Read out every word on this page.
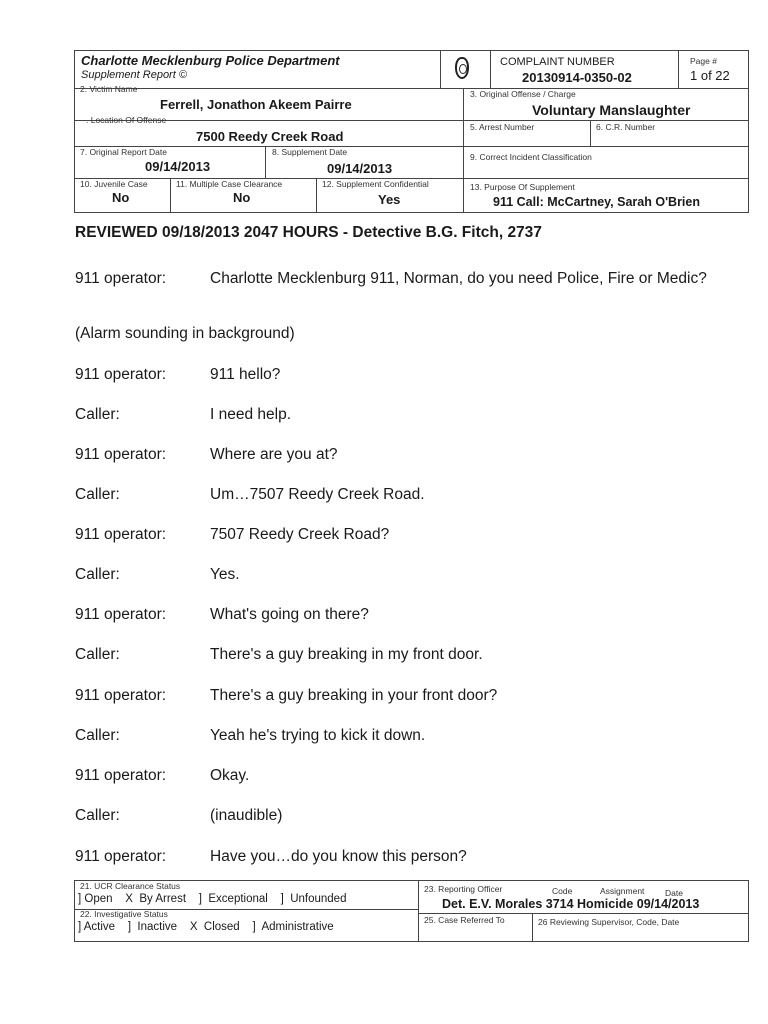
Charlotte Mecklenburg Police Department
Supplement Report ©
COMPLAINT NUMBER
20130914-0350-02
Page #
1 of 22
2. Victim Name
Ferrell, Jonathon Akeem Pairre
3. Original Offense / Charge
Voluntary Manslaughter
. Location Of Offense
7500 Reedy Creek Road
5. Arrest Number	6. C.R. Number
7. Original Report Date
09/14/2013
8. Supplement Date
09/14/2013
9. Correct Incident Classification
10. Juvenile Case
No
11. Multiple Case Clearance
No
12. Supplement Confidential
Yes
13. Purpose Of Supplement
911 Call: McCartney, Sarah O'Brien
REVIEWED 09/18/2013 2047 HOURS - Detective B.G. Fitch, 2737
911 operator:	Charlotte Mecklenburg 911, Norman, do you need Police, Fire or Medic?
(Alarm sounding in background)
911 operator:	911 hello?
Caller:	I need help.
911 operator:	Where are you at?
Caller:	Um…7507 Reedy Creek Road.
911 operator:	7507 Reedy Creek Road?
Caller:	Yes.
911 operator:	What's going on there?
Caller:	There's a guy breaking in my front door.
911 operator:	There's a guy breaking in your front door?
Caller:	Yeah he's trying to kick it down.
911 operator:	Okay.
Caller:	(inaudible)
911 operator:	Have you…do you know this person?
21. UCR Clearance Status
] Open    X  By Arrest    ]  Exceptional    ]  Unfounded
22. Investigative Status
] Active    ]  Inactive    X  Closed    ]  Administrative
23. Reporting Officer	Code	Assignment Date
Det. E.V. Morales 3714 Homicide 09/14/2013
25. Case Referred To	26 Reviewing Supervisor, Code, Date
